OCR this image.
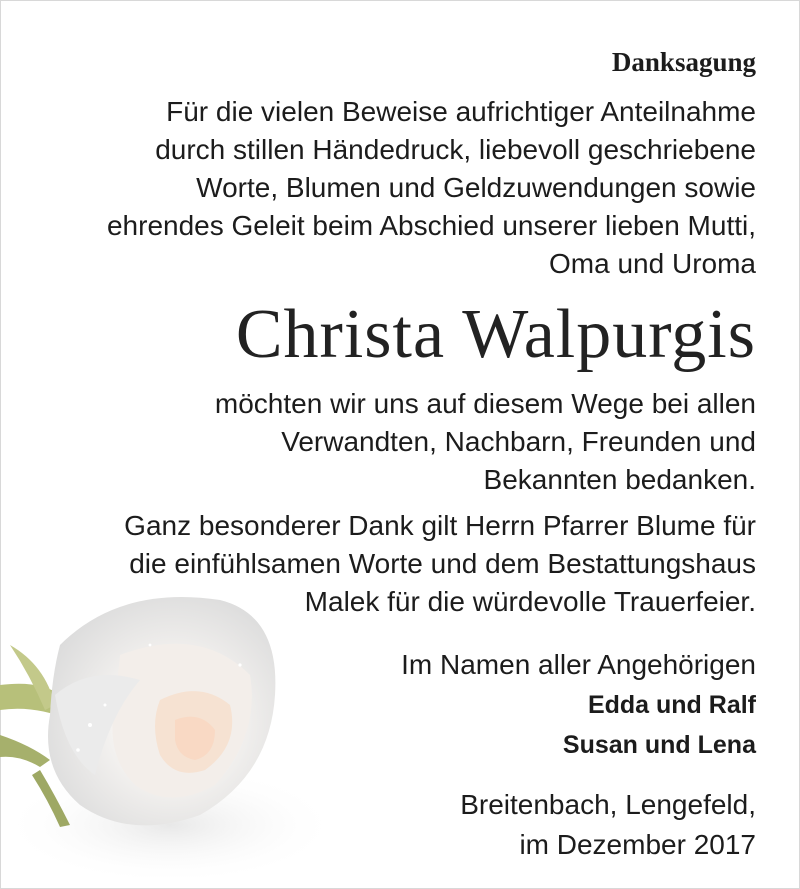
Danksagung

Für die vielen Beweise aufrichtiger Anteilnahme
durch stillen Händedruck, liebevoll geschriebene
Worte, Blumen und Geldzuwendungen sowie
ehrendes Geleit beim Abschied unserer lieben Mutti,
Oma und Uroma

Christa Walpurgis

möchten wir uns auf diesem Wege bei allen
Verwandten, Nachbarn, Freunden und
Bekannten bedanken.

Ganz besonderer Dank gilt Herrn Pfarrer Blume für
die einfühlsamen Worte und dem Bestattungshaus
Malek für die würdevolle Trauerfeier.

Im Namen aller Angehörigen
Edda und Ralf
Susan und Lena
Breitenbach, Lengefeld,
im Dezember 2017
